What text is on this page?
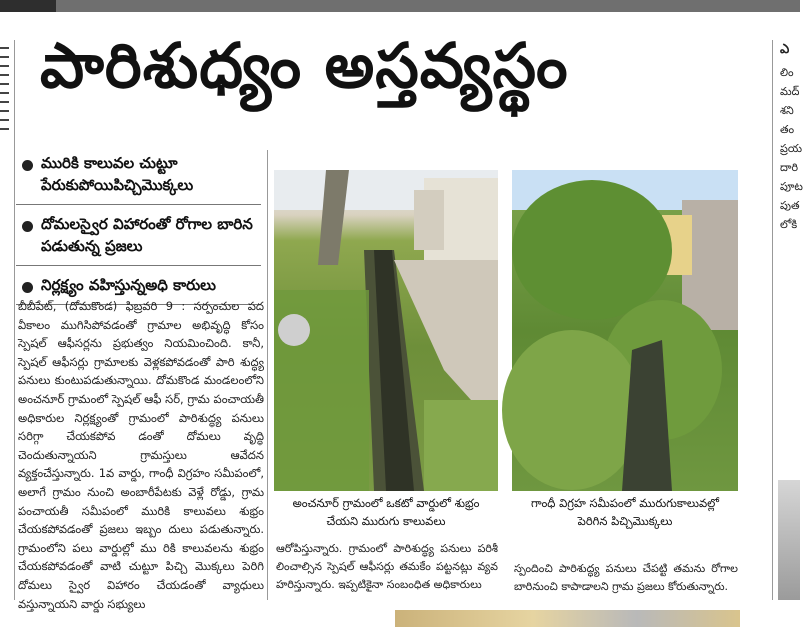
పారిశుధ్యం అస్తవ్యస్థం
మురికి కాలువల చుట్టూ పేరుకుపోయిపిచ్చిమొక్కలు
దోమలస్వైర విహారంతో రోగాల బారిన పడుతున్న ప్రజలు
నిర్లక్ష్యం వహిస్తున్నఅధి కారులు

బీబీపేట్, (దోమకొండ) ఫిబ్రవరి 9 : సర్పంచుల పద వీకాలం ముగిసిపోవడంతో గ్రామాల అభివృద్ధి కోసం స్పెషల్ ఆఫీసర్లను ప్రభుత్వం నియమించింది. కానీ, స్పెషల్ ఆఫీసర్లు గ్రామాలకు వెళ్లకపోవడంతో పారి శుద్ధ్య పనులు కుంటుపడుతున్నాయి. దోమకొండ మండలంలోని అంచనూర్ గ్రామంలో స్పెషల్ ఆఫీ సర్, గ్రామ పంచాయతీ అధికారుల నిర్లక్ష్యంతో గ్రామంలో పారిశుద్ధ్య పనులు సరిగ్గా చేయకపోవ డంతో దోమలు వృద్ధి చెందుతున్నాయని గ్రామస్తులు ఆవేదన వ్యక్తంచేస్తున్నారు. 1వ వార్డు, గాంధీ విగ్రహం సమీపంలో, అలాగే గ్రామం నుంచి అంబారీపేటకు వెళ్లే రోడ్డు, గ్రామ పంచాయతీ సమీపంలో మురికి కాలువలు శుభ్రం చేయకపోవడంతో ప్రజలు ఇబ్బం దులు పడుతున్నారు. గ్రామంలోని పలు వార్డుల్లో ము రికి కాలువలను శుభ్రం చేయకపోవడంతో వాటి చుట్టూ పిచ్చి మొక్కలు పెరిగి దోమలు స్వైర విహారం చేయడంతో వ్యాధులు వస్తున్నాయని వార్డు సభ్యులు

అంచనూర్ గ్రామంలో ఒకటో వార్డులో శుభ్రం చేయని మురుగు కాలువలు

గాంధీ విగ్రహ సమీపంలో మురుగుకాలువల్లో పెరిగిన పిచ్చిమొక్కలు

ఆరోపిస్తున్నారు. గ్రామంలో పారిశుద్ధ్య పనులు పరిశీ లించాల్సిన స్పెషల్ ఆఫీసర్లు తమకేం పట్టనట్లు వ్యవ హరిస్తున్నారు. ఇప్పటికైనా సంబంధిత అధికారులు

స్పందించి పారిశుద్ధ్య పనులు చేపట్టి తమను రోగాల బారినుంచి కాపాడాలని గ్రామ ప్రజలు కోరుతున్నారు.

ఎ
లిం
మద్
శని
తం
ప్రయ
దారి
పూట
పుత
లోకి
